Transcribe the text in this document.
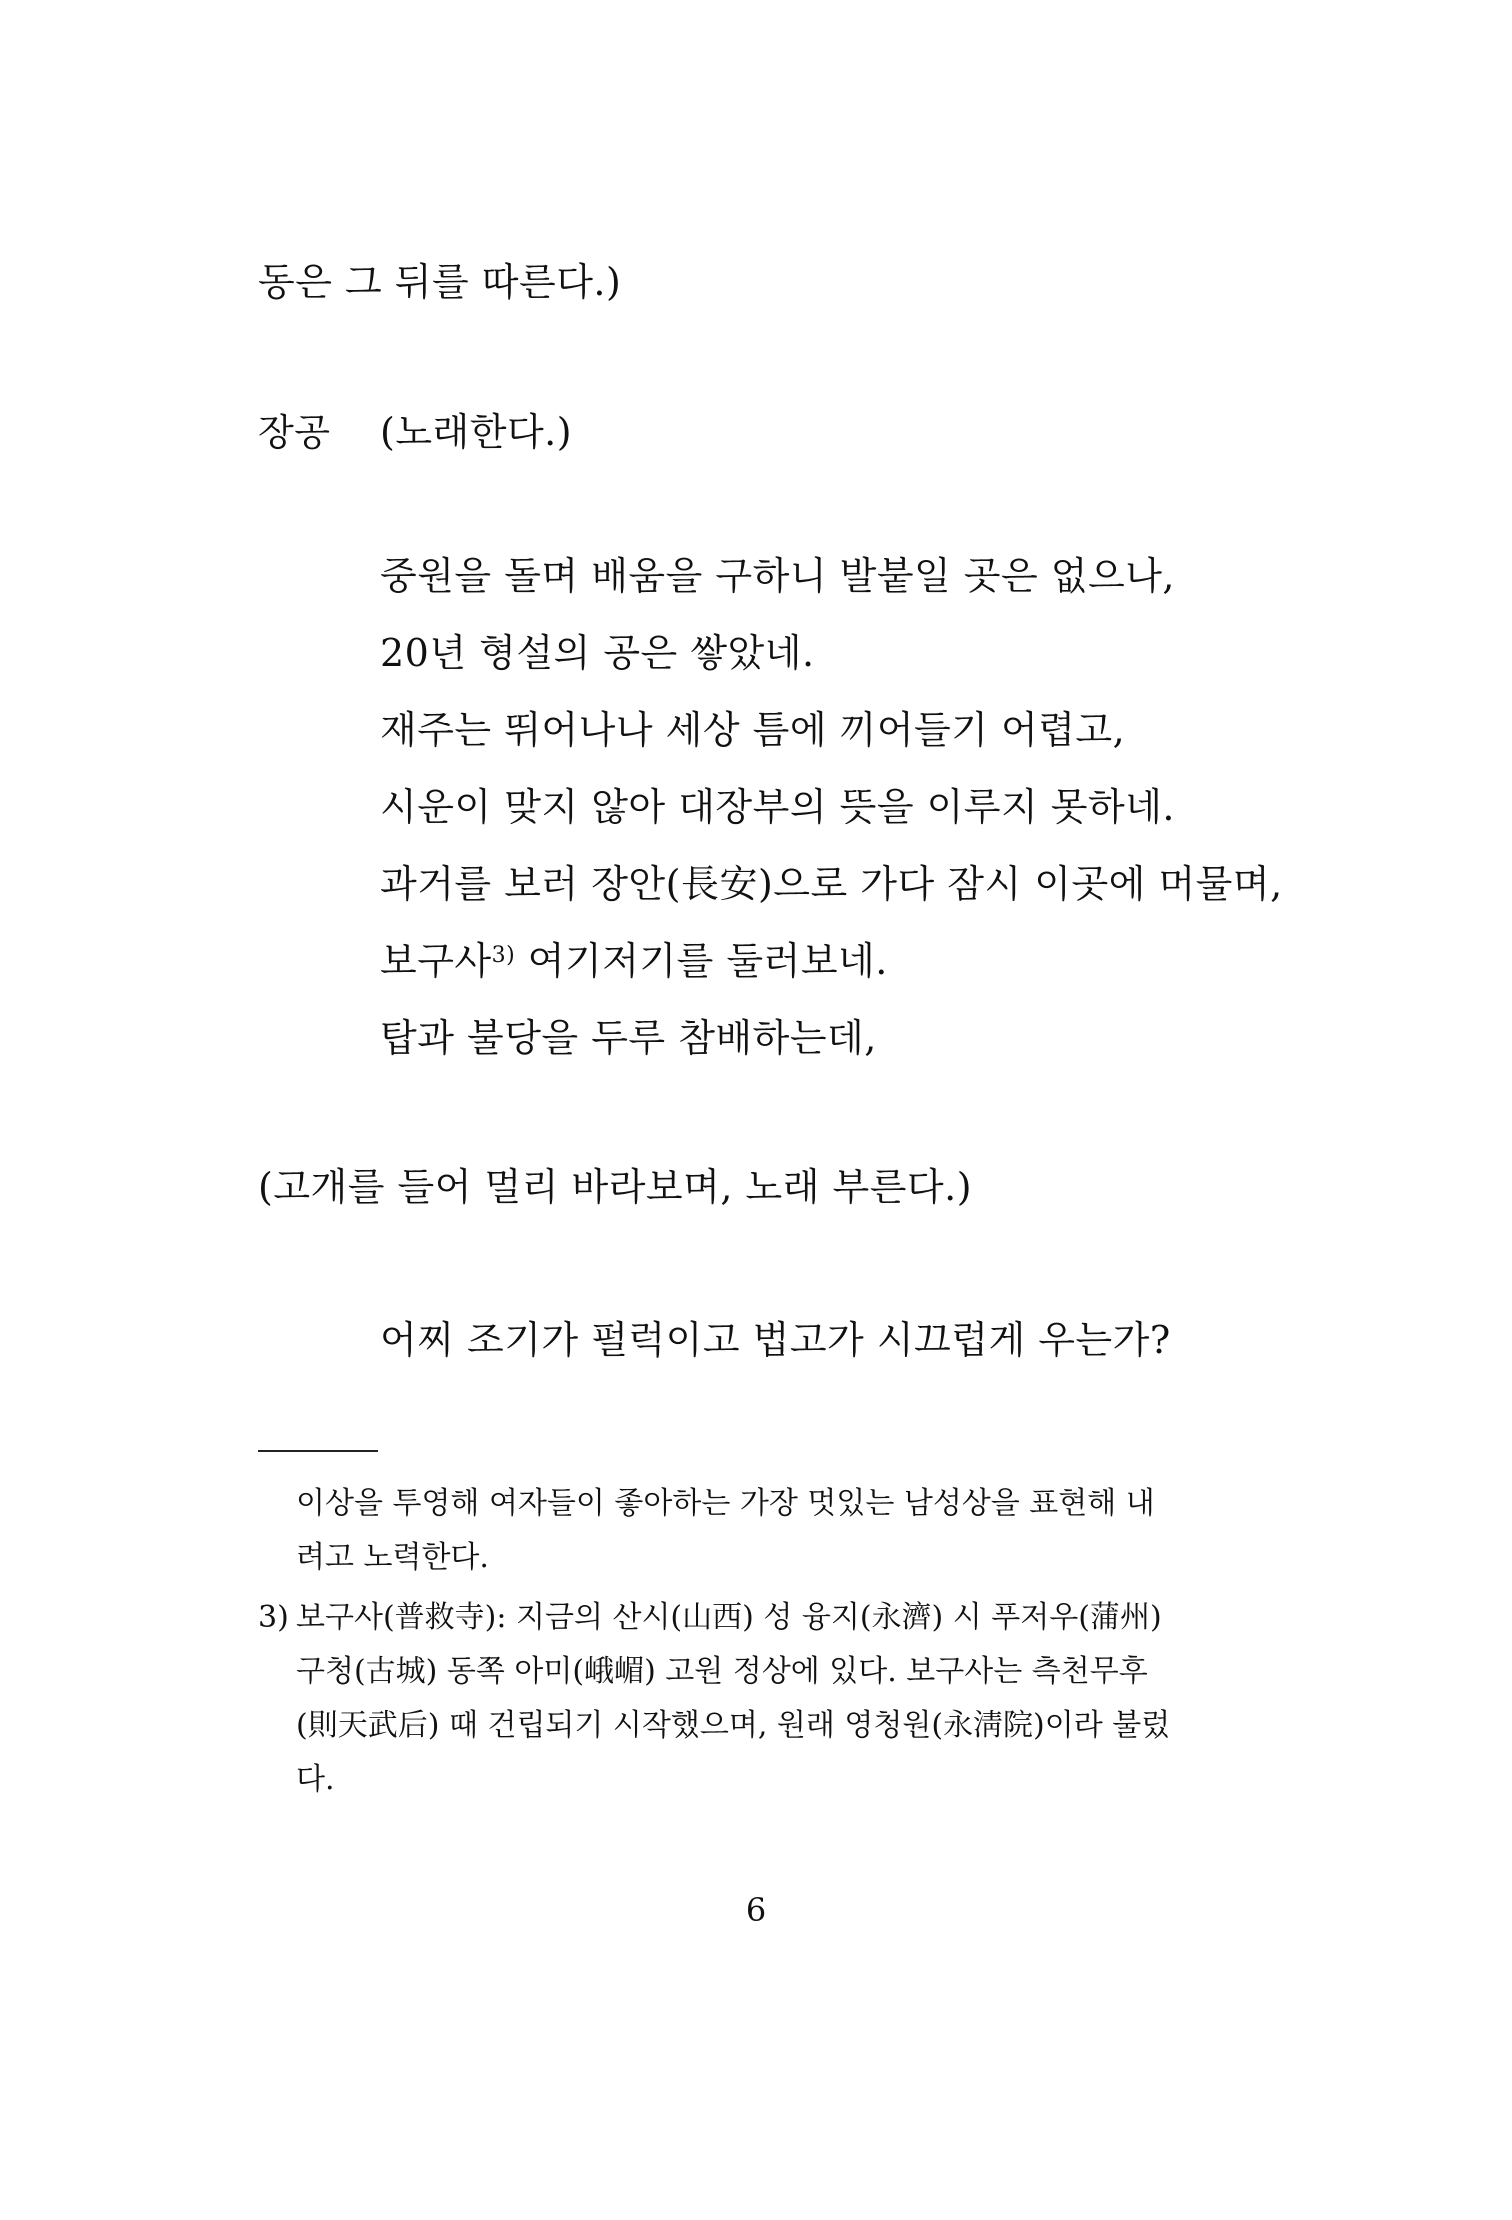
동은 그 뒤를 따른다.)
장공 (노래한다.)
중원을 돌며 배움을 구하니 발붙일 곳은 없으나,
20년 형설의 공은 쌓았네.
재주는 뛰어나나 세상 틈에 끼어들기 어렵고,
시운이 맞지 않아 대장부의 뜻을 이루지 못하네.
과거를 보러 장안(長安)으로 가다 잠시 이곳에 머물며,
보구사$^{3)}$ 여기저기를 둘러보네.
탑과 불당을 두루 참배하는데,
(고개를 들어 멀리 바라보며, 노래 부른다.)
어찌 조기가 펄럭이고 법고가 시끄럽게 우는가?
이상을 투영해 여자들이 좋아하는 가장 멋있는 남성상을 표현해 내
려고 노력한다.
3) 보구사(普救寺): 지금의 산시(山西) 성 융지(永濟) 시 푸저우(蒲州)
구청(古城) 동쪽 아미(峨嵋) 고원 정상에 있다. 보구사는 측천무후
(則天武后) 때 건립되기 시작했으며, 원래 영청원(永淸院)이라 불렀
다.
6
